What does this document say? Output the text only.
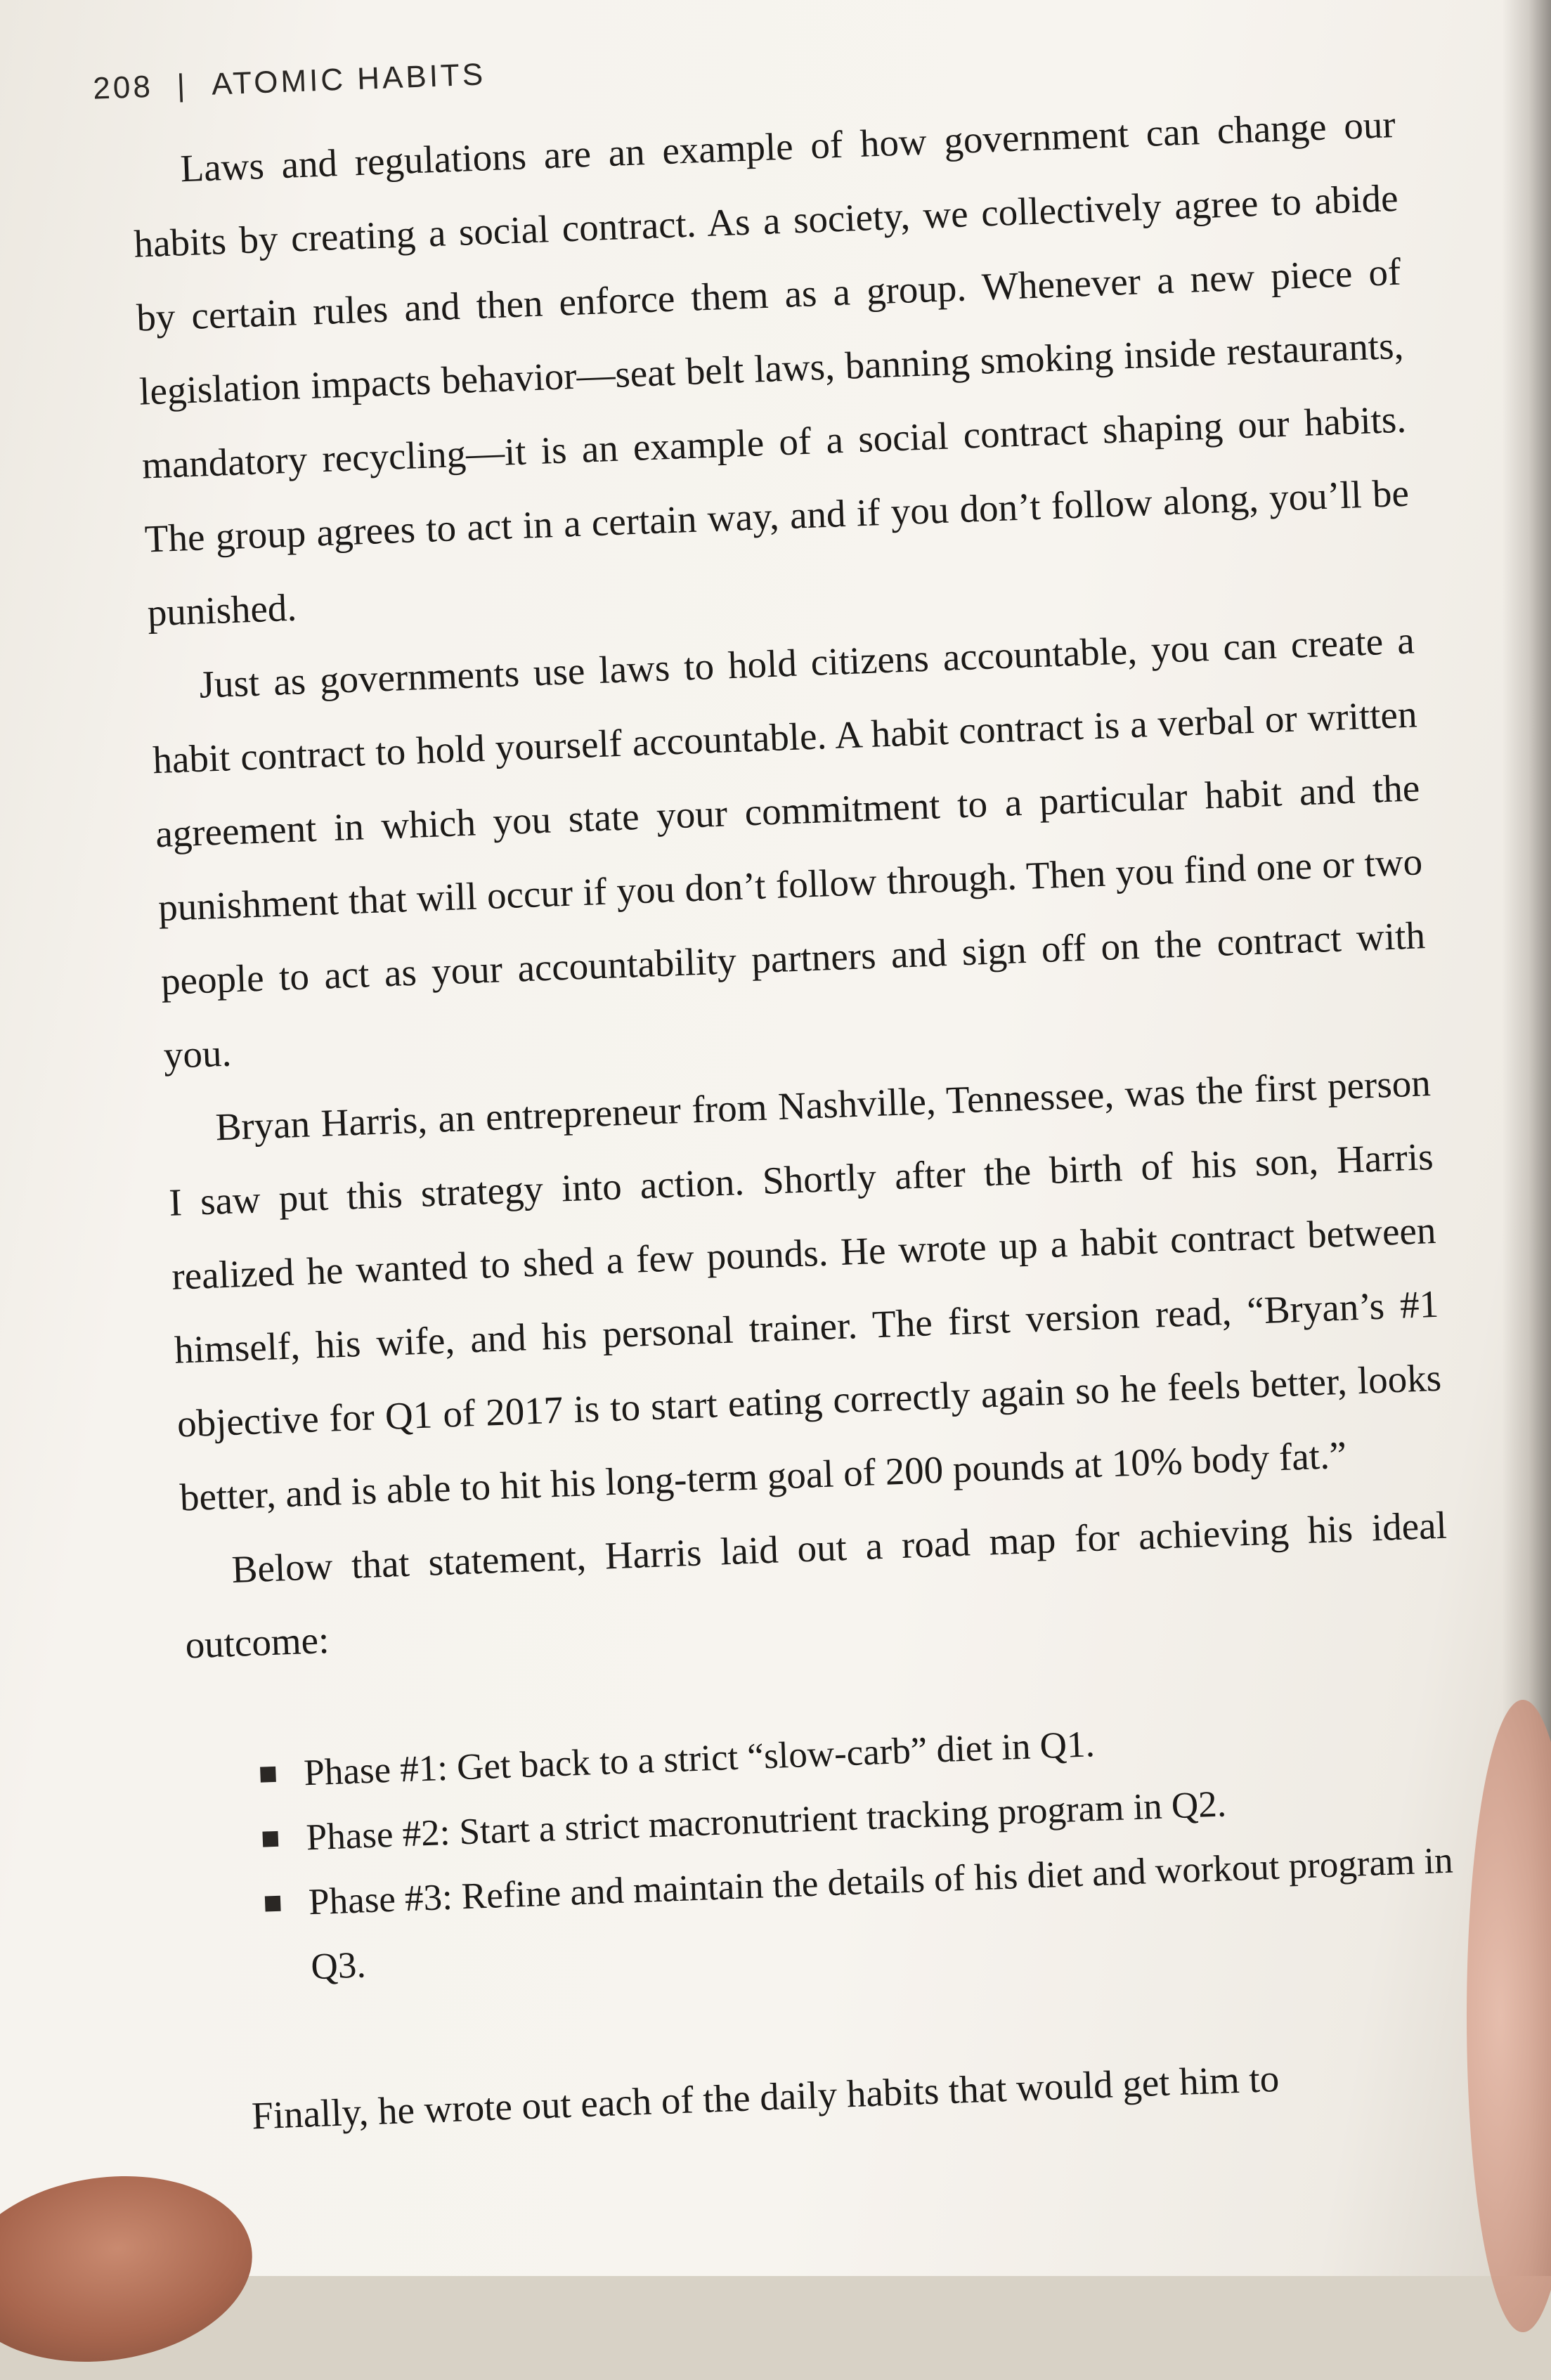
208 | ATOMIC HABITS

Laws and regulations are an example of how government can change our habits by creating a social contract. As a society, we collectively agree to abide by certain rules and then enforce them as a group. Whenever a new piece of legislation impacts behavior—seat belt laws, banning smoking inside restaurants, mandatory recycling—it is an example of a social contract shaping our habits. The group agrees to act in a certain way, and if you don’t follow along, you’ll be punished.

Just as governments use laws to hold citizens accountable, you can create a habit contract to hold yourself accountable. A habit contract is a verbal or written agreement in which you state your commitment to a particular habit and the punishment that will occur if you don’t follow through. Then you find one or two people to act as your accountability partners and sign off on the contract with you.

Bryan Harris, an entrepreneur from Nashville, Tennessee, was the first person I saw put this strategy into action. Shortly after the birth of his son, Harris realized he wanted to shed a few pounds. He wrote up a habit contract between himself, his wife, and his personal trainer. The first version read, “Bryan’s #1 objective for Q1 of 2017 is to start eating correctly again so he feels better, looks better, and is able to hit his long-term goal of 200 pounds at 10% body fat.”

Below that statement, Harris laid out a road map for achieving his ideal outcome:

Phase #1: Get back to a strict “slow-carb” diet in Q1.
Phase #2: Start a strict macronutrient tracking program in Q2.
Phase #3: Refine and maintain the details of his diet and workout program in Q3.

Finally, he wrote out each of the daily habits that would get him to
